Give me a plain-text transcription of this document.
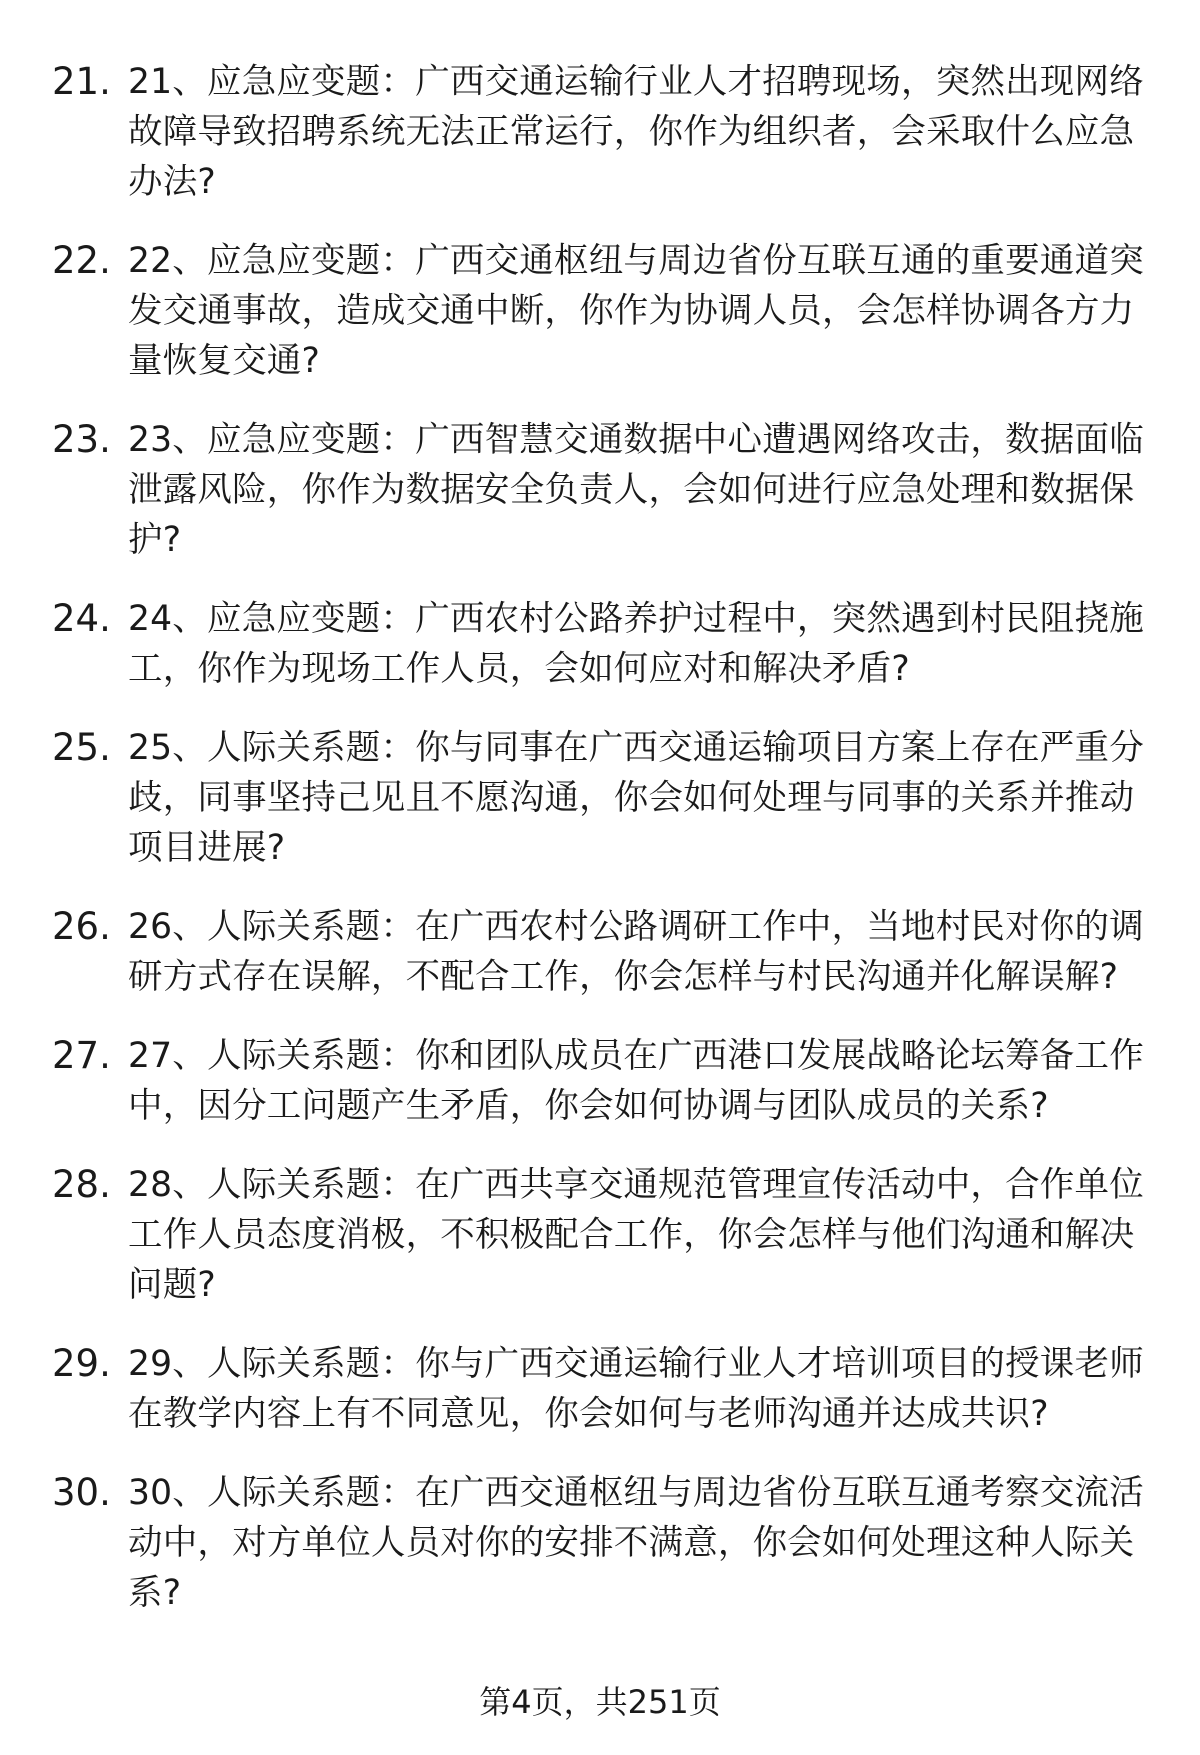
21. 21、应急应变题：广西交通运输行业人才招聘现场，突然出现网络故障导致招聘系统无法正常运行，你作为组织者，会采取什么应急办法?
22. 22、应急应变题：广西交通枢纽与周边省份互联互通的重要通道突发交通事故，造成交通中断，你作为协调人员，会怎样协调各方力量恢复交通?
23. 23、应急应变题：广西智慧交通数据中心遭遇网络攻击，数据面临泄露风险，你作为数据安全负责人，会如何进行应急处理和数据保护?
24. 24、应急应变题：广西农村公路养护过程中，突然遇到村民阻挠施工，你作为现场工作人员，会如何应对和解决矛盾?
25. 25、人际关系题：你与同事在广西交通运输项目方案上存在严重分歧，同事坚持己见且不愿沟通，你会如何处理与同事的关系并推动项目进展?
26. 26、人际关系题：在广西农村公路调研工作中，当地村民对你的调研方式存在误解，不配合工作，你会怎样与村民沟通并化解误解?
27. 27、人际关系题：你和团队成员在广西港口发展战略论坛筹备工作中，因分工问题产生矛盾，你会如何协调与团队成员的关系?
28. 28、人际关系题：在广西共享交通规范管理宣传活动中，合作单位工作人员态度消极，不积极配合工作，你会怎样与他们沟通和解决问题?
29. 29、人际关系题：你与广西交通运输行业人才培训项目的授课老师在教学内容上有不同意见，你会如何与老师沟通并达成共识?
30. 30、人际关系题：在广西交通枢纽与周边省份互联互通考察交流活动中，对方单位人员对你的安排不满意，你会如何处理这种人际关系?
第4页，共251页
